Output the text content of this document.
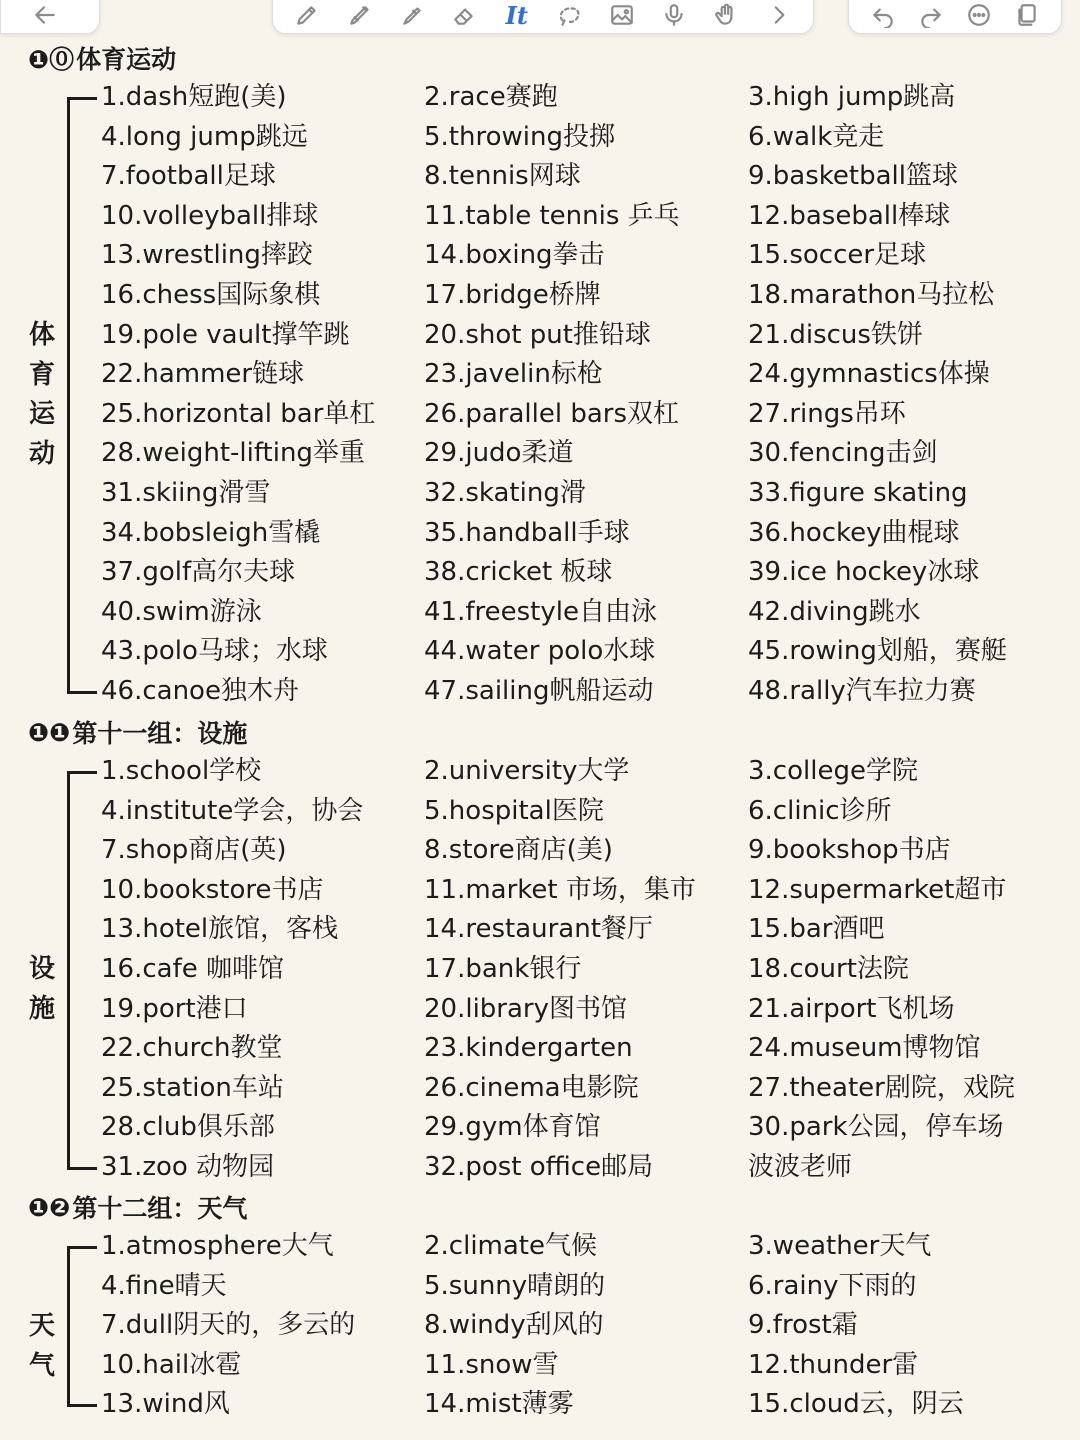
It
❶⓪ 体育运动
体
育
运
动
1.dash短跑(美)	2.race赛跑	3.high jump跳高
4.long jump跳远	5.throwing投掷	6.walk竞走
7.football足球	8.tennis网球	9.basketball篮球
10.volleyball排球	11.table tennis 乒乓	12.baseball棒球
13.wrestling摔跤	14.boxing拳击	15.soccer足球
16.chess国际象棋	17.bridge桥牌	18.marathon马拉松
19.pole vault撑竿跳	20.shot put推铅球	21.discus铁饼
22.hammer链球	23.javelin标枪	24.gymnastics体操
25.horizontal bar单杠 26.parallel bars双杠	27.rings吊环
28.weight-lifting举重 29.judo柔道	30.fencing击剑
31.skiing滑雪	32.skating滑	33.figure skating
34.bobsleigh雪橇	35.handball手球	36.hockey曲棍球
37.golf高尔夫球	38.cricket 板球	39.ice hockey冰球
40.swim游泳	41.freestyle自由泳	42.diving跳水
43.polo马球；水球	44.water polo水球	45.rowing划船，赛艇
46.canoe独木舟	47.sailing帆船运动	48.rally汽车拉力赛
❶❶ 第十一组：设施
设
施
1.school学校	2.university大学	3.college学院
4.institute学会，协会 5.hospital医院	6.clinic诊所
7.shop商店(英)	8.store商店(美)	9.bookshop书店
10.bookstore书店	11.market 市场，集市 12.supermarket超市
13.hotel旅馆，客栈	14.restaurant餐厅	15.bar酒吧
16.cafe 咖啡馆	17.bank银行	18.court法院
19.port港口	20.library图书馆	21.airport飞机场
22.church教堂	23.kindergarten	24.museum博物馆
25.station车站	26.cinema电影院	27.theater剧院，戏院
28.club俱乐部	29.gym体育馆	30.park公园，停车场
31.zoo 动物园	32.post office邮局	波波老师
❶❷ 第十二组：天气
天
气
1.atmosphere大气	2.climate气候	3.weather天气
4.fine晴天	5.sunny晴朗的	6.rainy下雨的
7.dull阴天的，多云的	8.windy刮风的	9.frost霜
10.hail冰雹	11.snow雪	12.thunder雷
13.wind风	14.mist薄雾	15.cloud云，阴云
